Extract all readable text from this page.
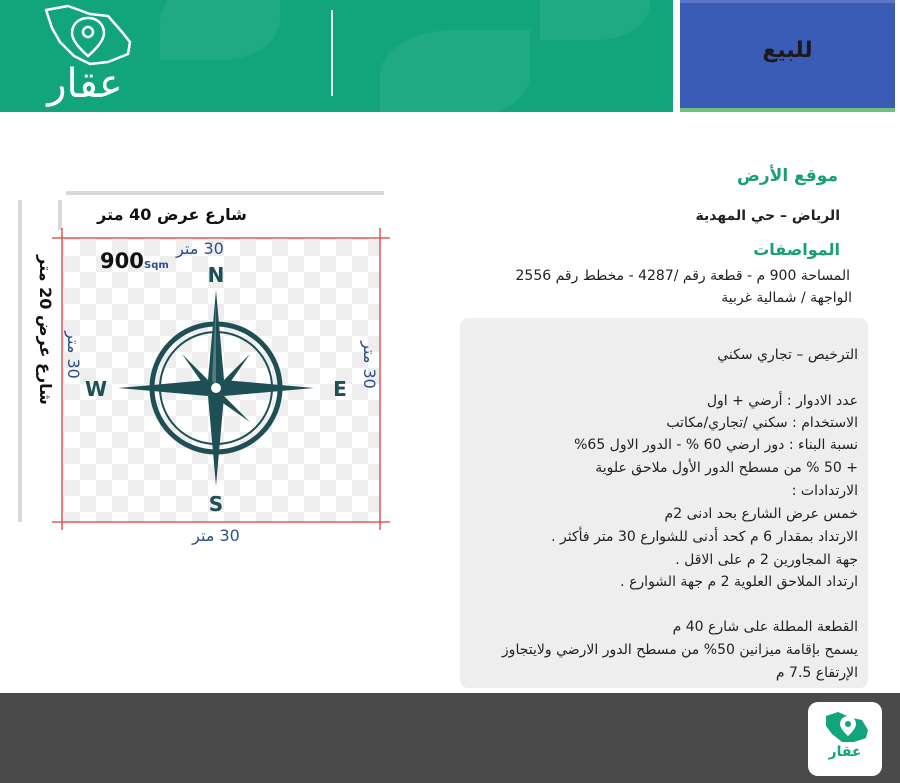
عقار
للبيع
N
S
W	E
900 Sqm
شارع عرض 40 متر
شارع عرض 20 متر
30 متر
30 متر
30 متر
30 متر
موقع الأرض
الرياض – حي المهدية
المواصفات
المساحة 900 م - قطعة رقم /4287 - مخطط رقم 2556
الواجهة / شمالية غربية
الترخيص – تجاري سكني
عدد الادوار : أرضي + اول
الاستخدام : سكني /تجاري/مكاتب
نسبة البناء : دور ارضي 60 % - الدور الاول 65%
+ 50 % من مسطح الدور الأول ملاحق علوية
الارتدادات :
خمس عرض الشارع بحد ادنى 2م
الارتداد بمقدار 6 م كحد أدنى للشوارع 30 متر فأكثر .
جهة المجاورين 2 م على الاقل .
ارتداد الملاحق العلوية 2 م جهة الشوارع .
القطعة المطلة على شارع 40 م
يسمح بإقامة ميزانين 50% من مسطح الدور الارضي ولايتجاوز
الإرتفاع 7.5 م
عقار
